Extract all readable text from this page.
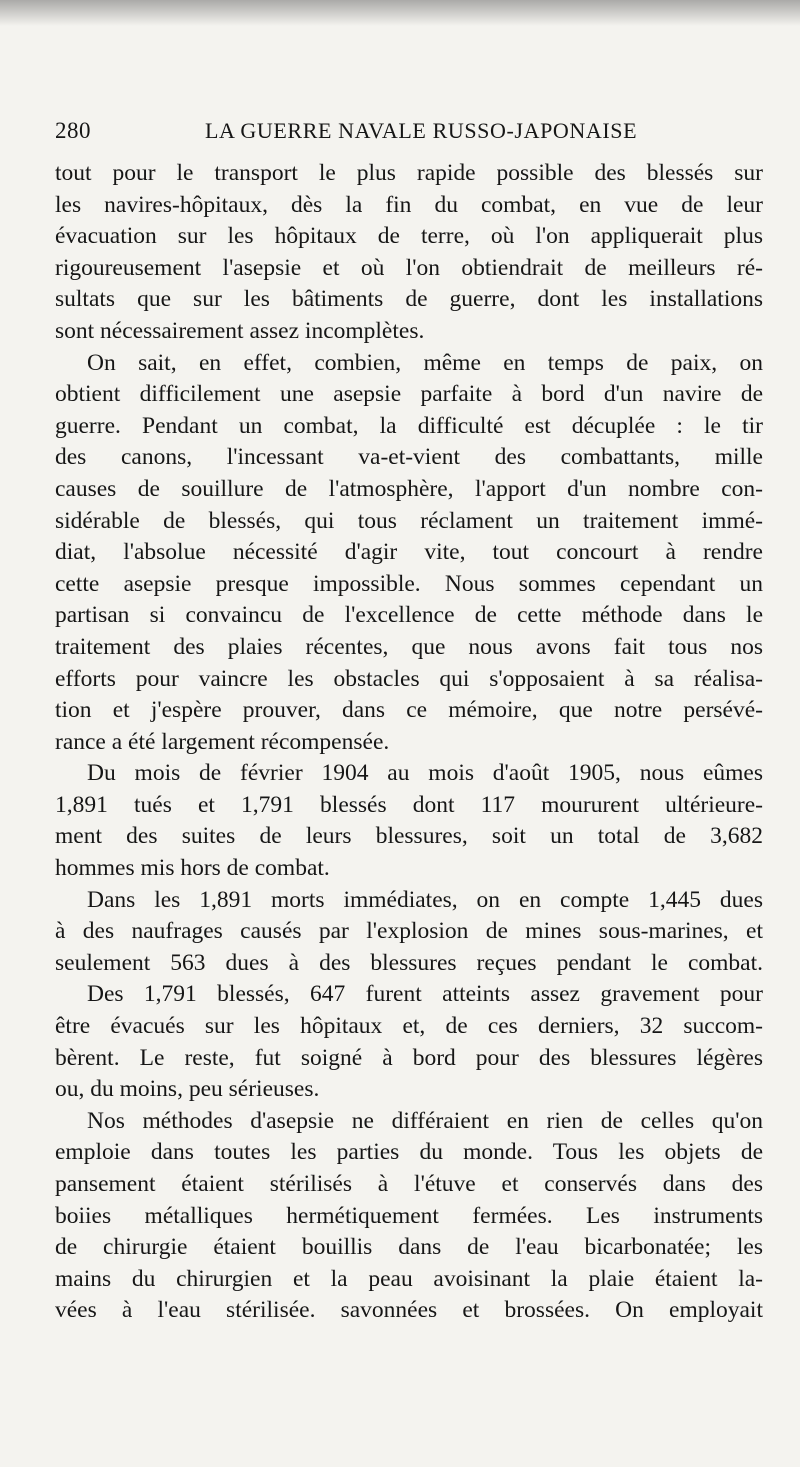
280	LA GUERRE NAVALE RUSSO-JAPONAISE

tout pour le transport le plus rapide possible des blessés sur

les navires-hôpitaux, dès la fin du combat, en vue de leur

évacuation sur les hôpitaux de terre, où l'on appliquerait plus

rigoureusement l'asepsie et où l'on obtiendrait de meilleurs ré-

sultats que sur les bâtiments de guerre, dont les installations

sont nécessairement assez incomplètes.

On sait, en effet, combien, même en temps de paix, on

obtient difficilement une asepsie parfaite à bord d'un navire de

guerre. Pendant un combat, la difficulté est décuplée : le tir

des canons, l'incessant va-et-vient des combattants, mille

causes de souillure de l'atmosphère, l'apport d'un nombre con-

sidérable de blessés, qui tous réclament un traitement immé-

diat, l'absolue nécessité d'agir vite, tout concourt à rendre

cette asepsie presque impossible. Nous sommes cependant un

partisan si convaincu de l'excellence de cette méthode dans le

traitement des plaies récentes, que nous avons fait tous nos

efforts pour vaincre les obstacles qui s'opposaient à sa réalisa-

tion et j'espère prouver, dans ce mémoire, que notre persévé-

rance a été largement récompensée.

Du mois de février 1904 au mois d'août 1905, nous eûmes

1,891 tués et 1,791 blessés dont 117 moururent ultérieure-

ment des suites de leurs blessures, soit un total de 3,682

hommes mis hors de combat.

Dans les 1,891 morts immédiates, on en compte 1,445 dues

à des naufrages causés par l'explosion de mines sous-marines, et

seulement 563 dues à des blessures reçues pendant le combat.

Des 1,791 blessés, 647 furent atteints assez gravement pour

être évacués sur les hôpitaux et, de ces derniers, 32 succom-

bèrent. Le reste, fut soigné à bord pour des blessures légères

ou, du moins, peu sérieuses.

Nos méthodes d'asepsie ne différaient en rien de celles qu'on

emploie dans toutes les parties du monde. Tous les objets de

pansement étaient stérilisés à l'étuve et conservés dans des

boiies métalliques hermétiquement fermées. Les instruments

de chirurgie étaient bouillis dans de l'eau bicarbonatée; les

mains du chirurgien et la peau avoisinant la plaie étaient la-

vées à l'eau stérilisée. savonnées et brossées. On employait
